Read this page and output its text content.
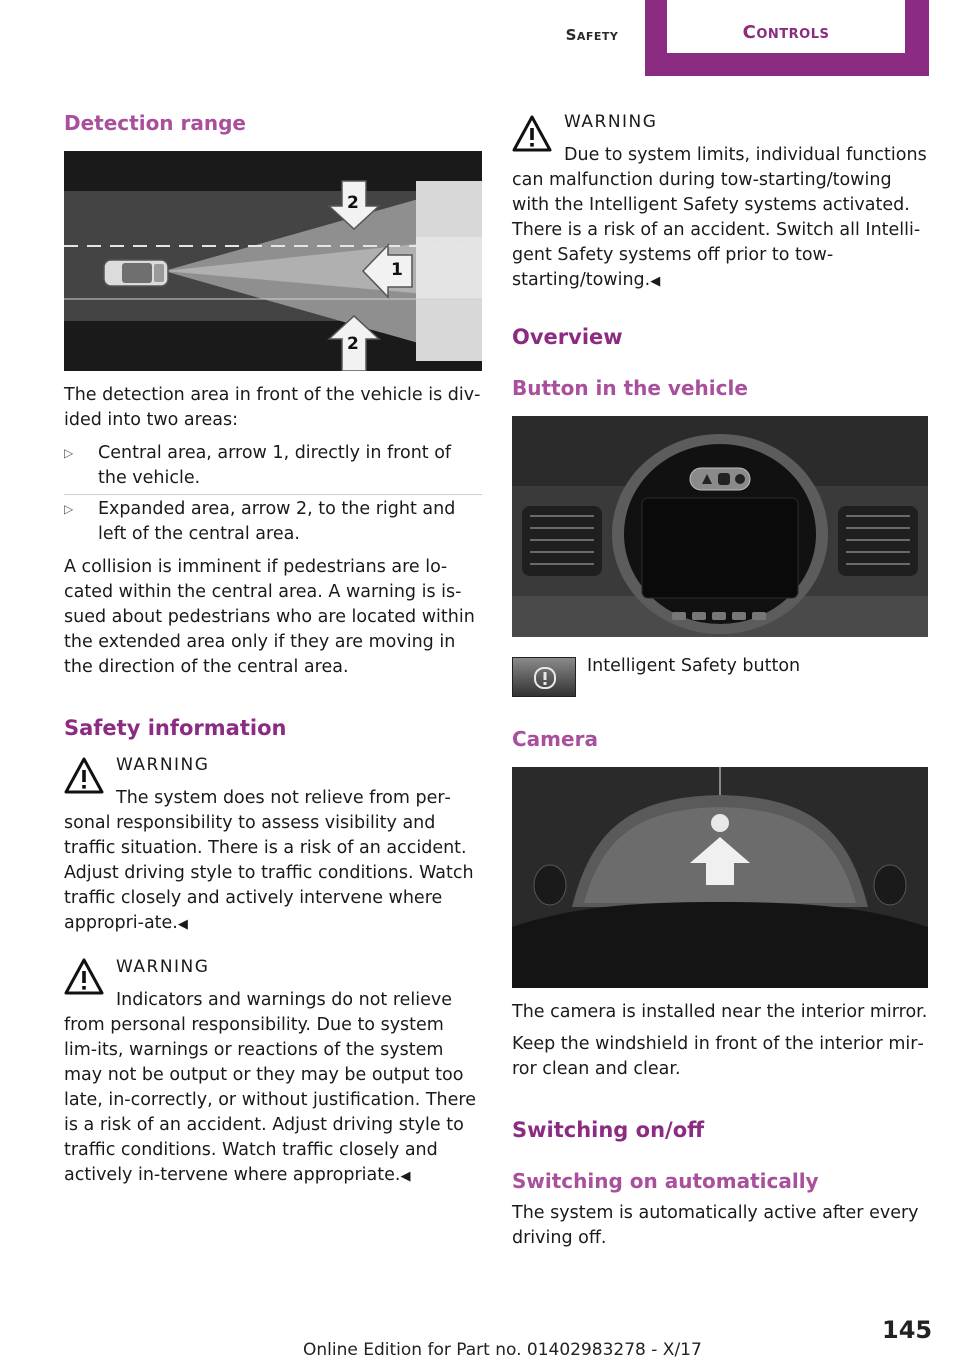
Safety	Controls
Detection range
2
1
2
The detection area in front of the vehicle is div‐ided into two areas:
▷ Central area, arrow 1, directly in front of the vehicle.
▷ Expanded area, arrow 2, to the right and left of the central area.
A collision is imminent if pedestrians are lo‐cated within the central area. A warning is is‐sued about pedestrians who are located within the extended area only if they are moving in the direction of the central area.
Safety information
WARNING
The system does not relieve from per‐sonal responsibility to assess visibility and traffic situation. There is a risk of an accident. Adjust driving style to traffic conditions. Watch traffic closely and actively intervene where appropri‐ate.◀
WARNING
Indicators and warnings do not relieve from personal responsibility. Due to system lim‐its, warnings or reactions of the system may not be output or they may be output too late, in‐correctly, or without justification. There is a risk of an accident. Adjust driving style to traffic conditions. Watch traffic closely and actively in‐tervene where appropriate.◀
WARNING
Due to system limits, individual functions can malfunction during tow-starting/towing with the Intelligent Safety systems activated. There is a risk of an accident. Switch all Intelli‐gent Safety systems off prior to tow-starting/towing.◀
Overview
Button in the vehicle
Intelligent Safety button
Camera
The camera is installed near the interior mirror.
Keep the windshield in front of the interior mir‐ror clean and clear.
Switching on/off
Switching on automatically
The system is automatically active after every driving off.
145
Online Edition for Part no. 01402983278 - X/17
